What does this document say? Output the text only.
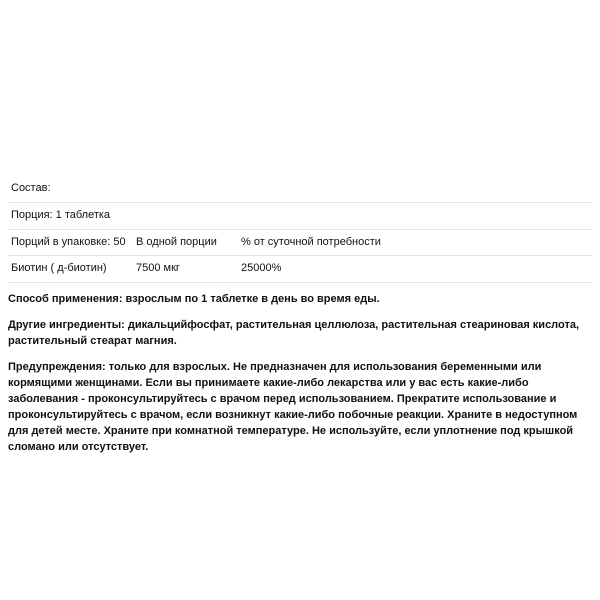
Состав:		
Порция: 1 таблетка		
Порций в упаковке: 50	В одной порции	% от суточной потребности
Биотин ( д-биотин)	7500 мкг	25000%

Способ применения: взрослым по 1 таблетке в день во время еды.

Другие ингредиенты: дикальцийфосфат, растительная целлюлоза, растительная стеариновая кислота, растительный стеарат магния.

Предупреждения: только для взрослых. Не предназначен для использования беременными или кормящими женщинами. Если вы принимаете какие-либо лекарства или у вас есть какие-либо заболевания - проконсультируйтесь с врачом перед использованием. Прекратите использование и проконсультируйтесь с врачом, если возникнут какие-либо побочные реакции. Храните в недоступном для детей месте. Храните при комнатной температуре. Не используйте, если уплотнение под крышкой сломано или отсутствует.
